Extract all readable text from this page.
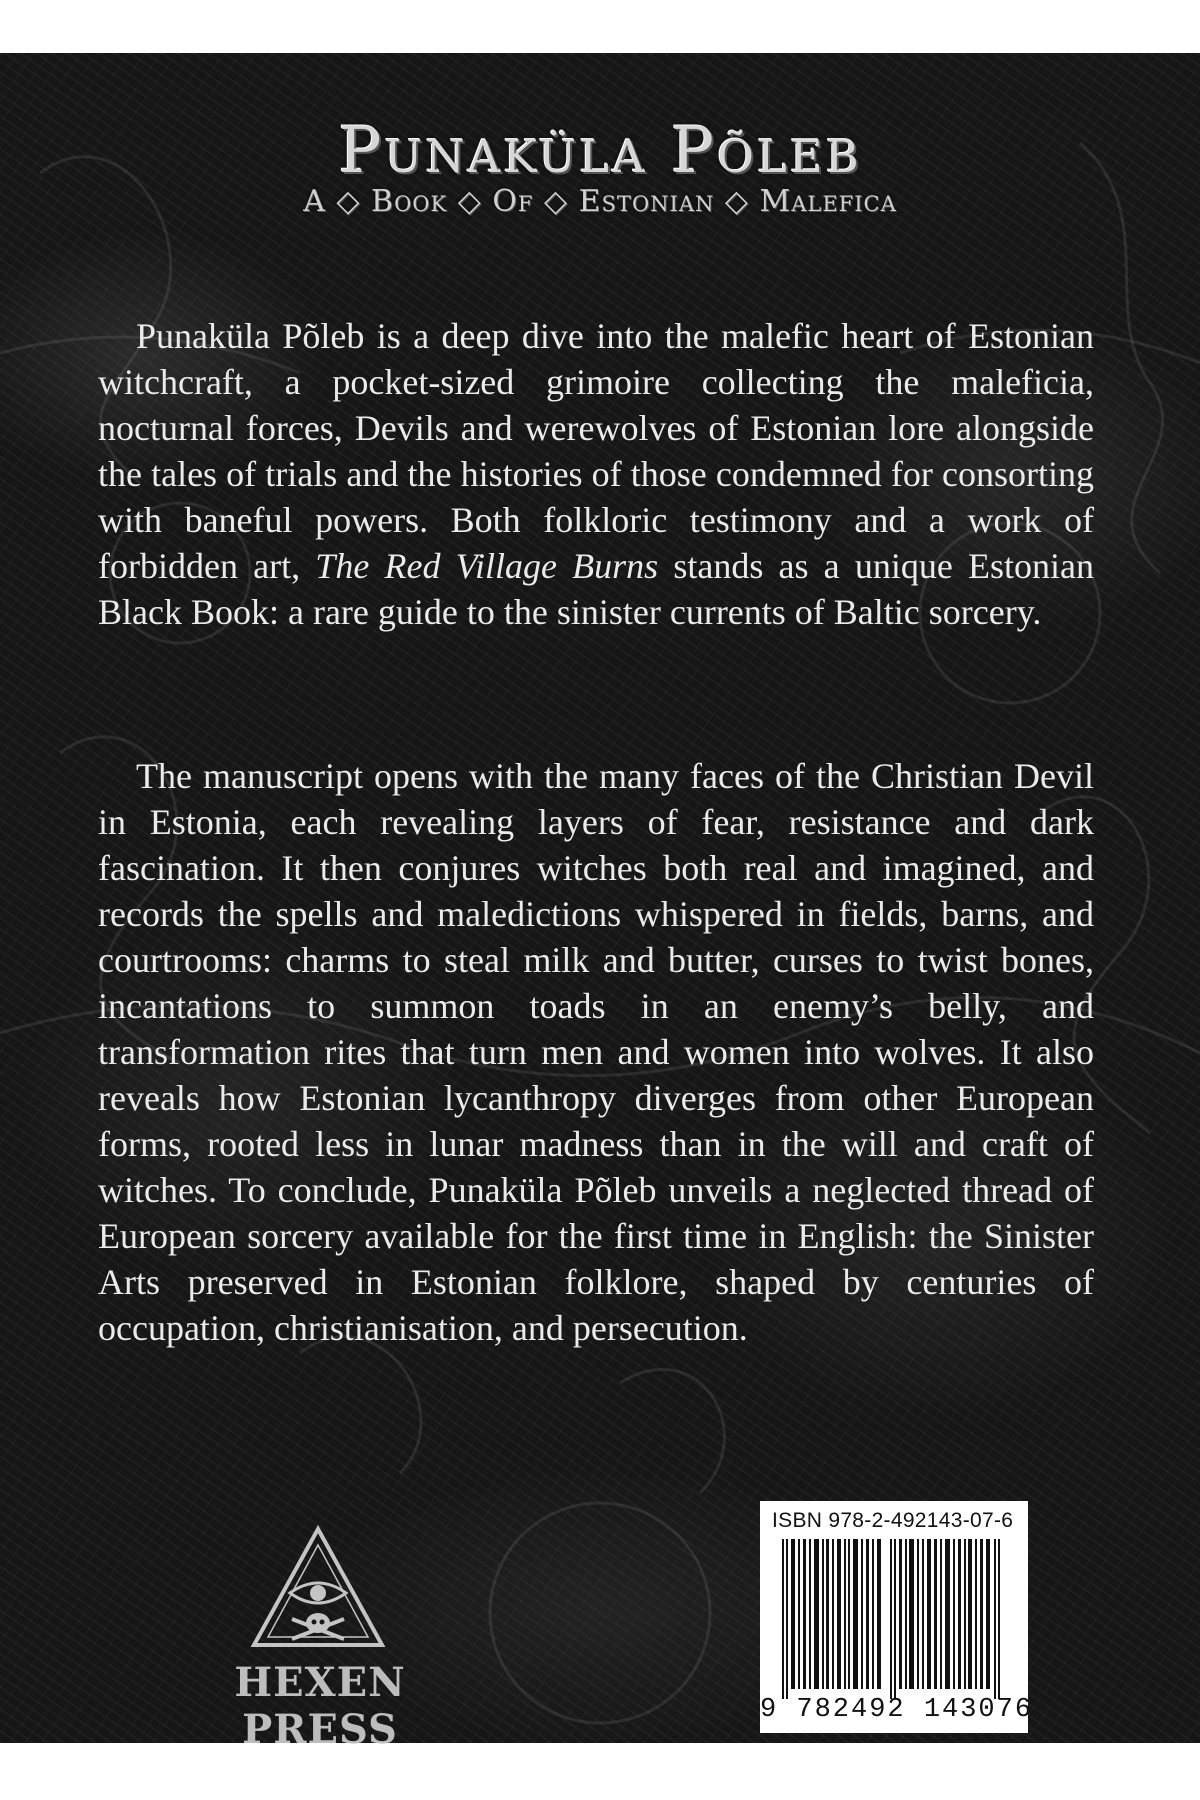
Punaküla Põleb
A ◇ Book ◇ Of ◇ Estonian ◇ Malefica

Punaküla Põleb is a deep dive into the malefic heart of Estonian witchcraft, a pocket-sized grimoire collecting the maleficia, nocturnal forces, Devils and werewolves of Estonian lore alongside the tales of trials and the histories of those condemned for consorting with baneful powers. Both folkloric testimony and a work of forbidden art, The Red Village Burns stands as a unique Estonian Black Book: a rare guide to the sinister currents of Baltic sorcery.

The manuscript opens with the many faces of the Christian Devil in Estonia, each revealing layers of fear, resistance and dark fascination. It then conjures witches both real and imagined, and records the spells and maledictions whispered in fields, barns, and courtrooms: charms to steal milk and butter, curses to twist bones, incantations to summon toads in an enemy’s belly, and transformation rites that turn men and women into wolves. It also reveals how Estonian lycanthropy diverges from other European forms, rooted less in lunar madness than in the will and craft of witches. To conclude, Punaküla Põleb unveils a neglected thread of European sorcery available for the first time in English: the Sinister Arts preserved in Estonian folklore, shaped by centuries of occupation, christianisation, and persecution.

HEXEN PRESS
ISBN 978-2-492143-07-6
9 782492 143076
